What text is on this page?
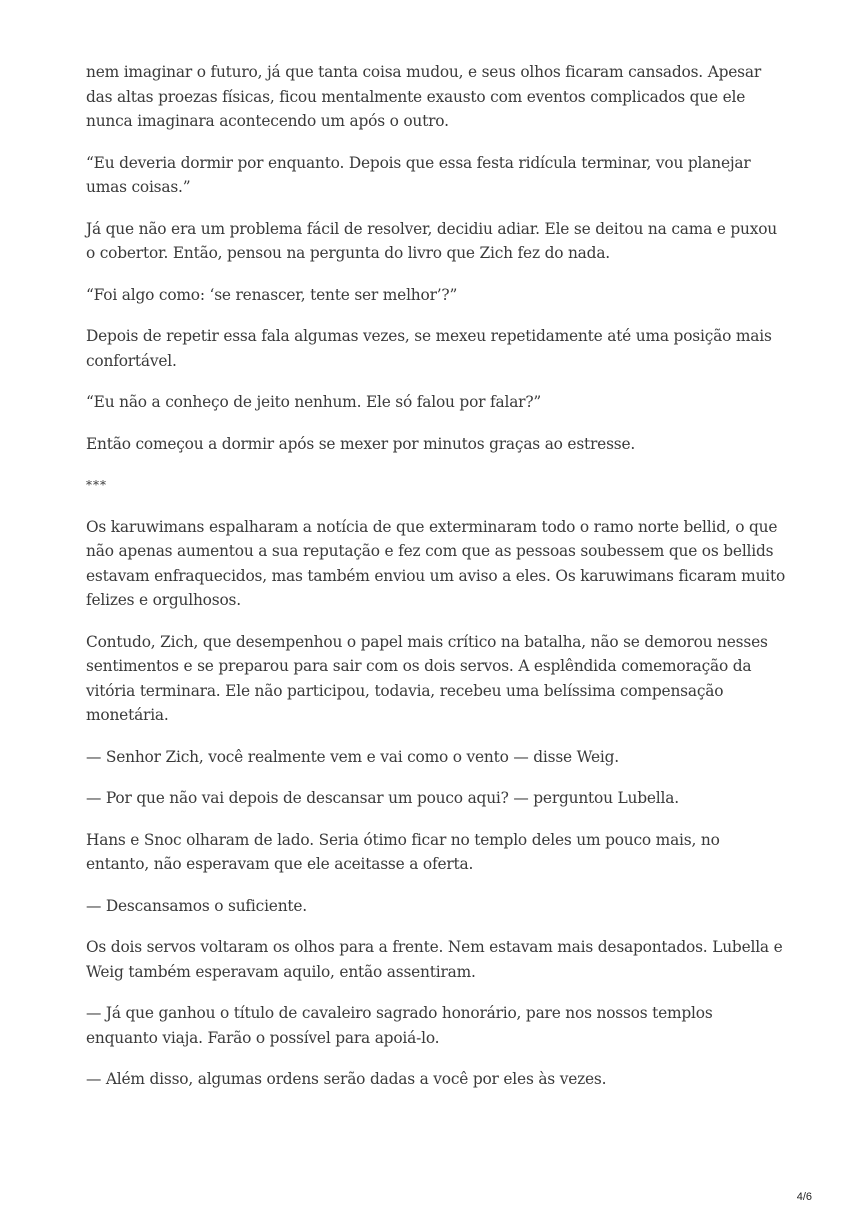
nem imaginar o futuro, já que tanta coisa mudou, e seus olhos ficaram cansados. Apesar das altas proezas físicas, ficou mentalmente exausto com eventos complicados que ele nunca imaginara acontecendo um após o outro.

“Eu deveria dormir por enquanto. Depois que essa festa ridícula terminar, vou planejar umas coisas.”

Já que não era um problema fácil de resolver, decidiu adiar. Ele se deitou na cama e puxou o cobertor. Então, pensou na pergunta do livro que Zich fez do nada.

“Foi algo como: ‘se renascer, tente ser melhor’?”

Depois de repetir essa fala algumas vezes, se mexeu repetidamente até uma posição mais confortável.

“Eu não a conheço de jeito nenhum. Ele só falou por falar?”

Então começou a dormir após se mexer por minutos graças ao estresse.

***

Os karuwimans espalharam a notícia de que exterminaram todo o ramo norte bellid, o que não apenas aumentou a sua reputação e fez com que as pessoas soubessem que os bellids estavam enfraquecidos, mas também enviou um aviso a eles. Os karuwimans ficaram muito felizes e orgulhosos.

Contudo, Zich, que desempenhou o papel mais crítico na batalha, não se demorou nesses sentimentos e se preparou para sair com os dois servos. A esplêndida comemoração da vitória terminara. Ele não participou, todavia, recebeu uma belíssima compensação monetária.

— Senhor Zich, você realmente vem e vai como o vento — disse Weig.

— Por que não vai depois de descansar um pouco aqui? — perguntou Lubella.

Hans e Snoc olharam de lado. Seria ótimo ficar no templo deles um pouco mais, no entanto, não esperavam que ele aceitasse a oferta.

— Descansamos o suficiente.

Os dois servos voltaram os olhos para a frente. Nem estavam mais desapontados. Lubella e Weig também esperavam aquilo, então assentiram.

— Já que ganhou o título de cavaleiro sagrado honorário, pare nos nossos templos enquanto viaja. Farão o possível para apoiá-lo.

— Além disso, algumas ordens serão dadas a você por eles às vezes.

4/6
